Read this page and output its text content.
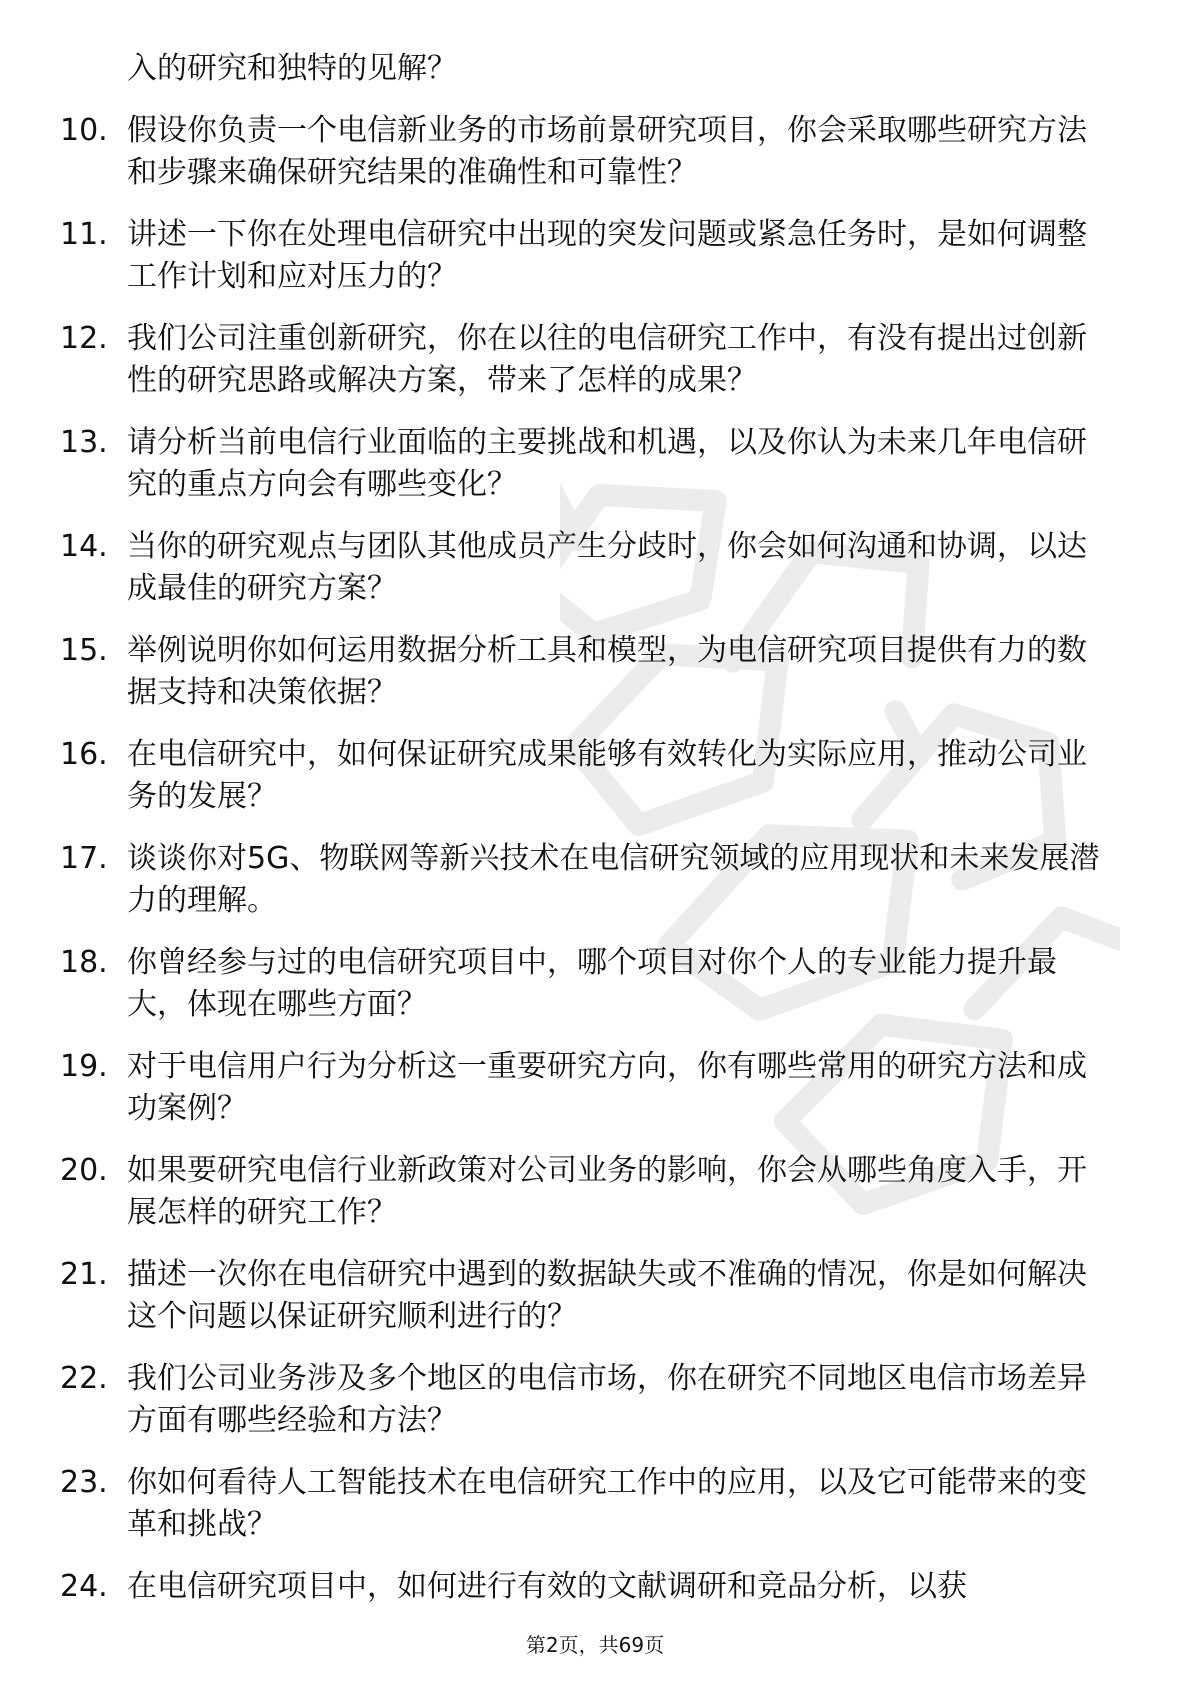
入的研究和独特的见解？
10. 假设你负责一个电信新业务的市场前景研究项目，你会采取哪些研究方法和步骤来确保研究结果的准确性和可靠性？
11. 讲述一下你在处理电信研究中出现的突发问题或紧急任务时，是如何调整工作计划和应对压力的？
12. 我们公司注重创新研究，你在以往的电信研究工作中，有没有提出过创新性的研究思路或解决方案，带来了怎样的成果？
13. 请分析当前电信行业面临的主要挑战和机遇，以及你认为未来几年电信研究的重点方向会有哪些变化？
14. 当你的研究观点与团队其他成员产生分歧时，你会如何沟通和协调，以达成最佳的研究方案？
15. 举例说明你如何运用数据分析工具和模型，为电信研究项目提供有力的数据支持和决策依据？
16. 在电信研究中，如何保证研究成果能够有效转化为实际应用，推动公司业务的发展？
17. 谈谈你对5G、物联网等新兴技术在电信研究领域的应用现状和未来发展潜力的理解。
18. 你曾经参与过的电信研究项目中，哪个项目对你个人的专业能力提升最大，体现在哪些方面？
19. 对于电信用户行为分析这一重要研究方向，你有哪些常用的研究方法和成功案例？
20. 如果要研究电信行业新政策对公司业务的影响，你会从哪些角度入手，开展怎样的研究工作？
21. 描述一次你在电信研究中遇到的数据缺失或不准确的情况，你是如何解决这个问题以保证研究顺利进行的？
22. 我们公司业务涉及多个地区的电信市场，你在研究不同地区电信市场差异方面有哪些经验和方法？
23. 你如何看待人工智能技术在电信研究工作中的应用，以及它可能带来的变革和挑战？
24. 在电信研究项目中，如何进行有效的文献调研和竞品分析，以获
第2页，共69页
